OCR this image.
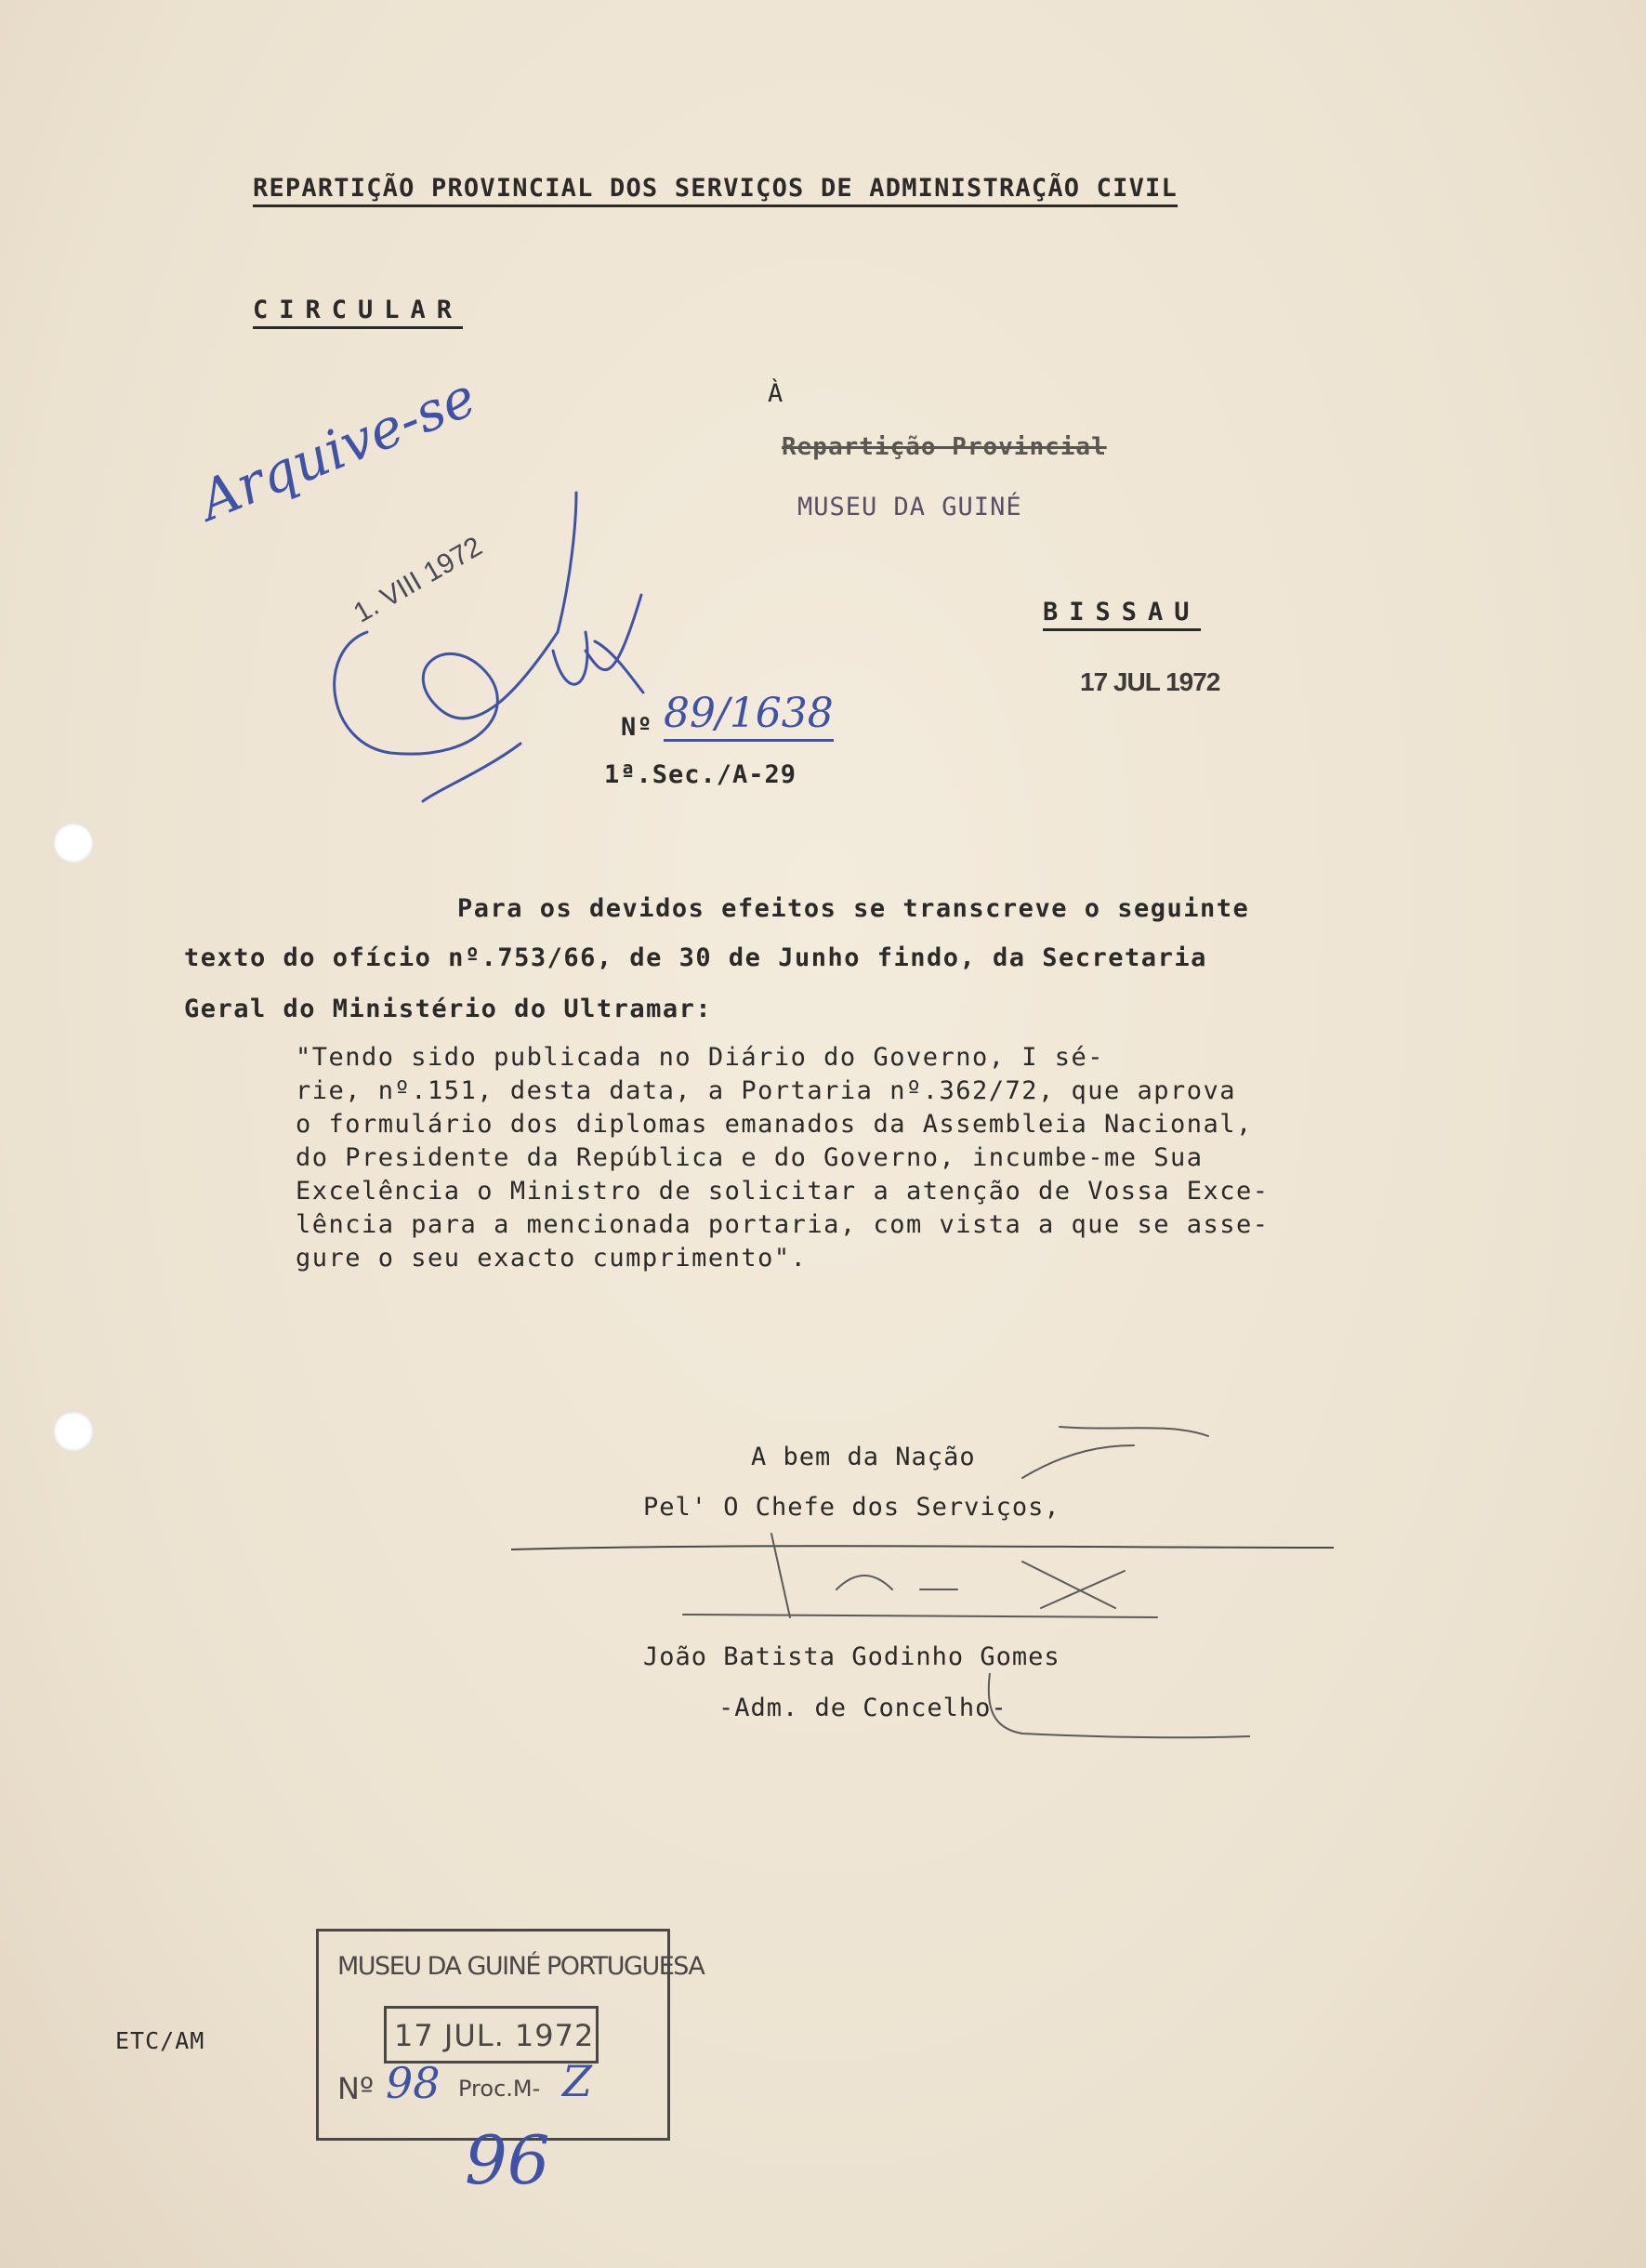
REPARTIÇÃO PROVINCIAL DOS SERVIÇOS DE ADMINISTRAÇÃO CIVIL
CIRCULAR
À
Repartição Provincial
MUSEU DA GUINÉ
BISSAU
17 JUL 1972
Arquive-se
1. VIII 1972
Nº 89/1638
1ª.Sec./A-29
Para os devidos efeitos se transcreve o seguinte
texto do ofício nº.753/66, de 30 de Junho findo, da Secretaria
Geral do Ministério do Ultramar:
"Tendo sido publicada no Diário do Governo, I sé-
rie, nº.151, desta data, a Portaria nº.362/72, que aprova
o formulário dos diplomas emanados da Assembleia Nacional,
do Presidente da República e do Governo, incumbe-me Sua
Excelência o Ministro de solicitar a atenção de Vossa Exce-
lência para a mencionada portaria, com vista a que se asse-
gure o seu exacto cumprimento".
A bem da Nação
Pel' O Chefe dos Serviços,
João Batista Godinho Gomes
-Adm. de Concelho-
ETC/AM
MUSEU DA GUINÉ PORTUGUESA
17 JUL. 1972
Nº 98 Proc.M- Z
96
